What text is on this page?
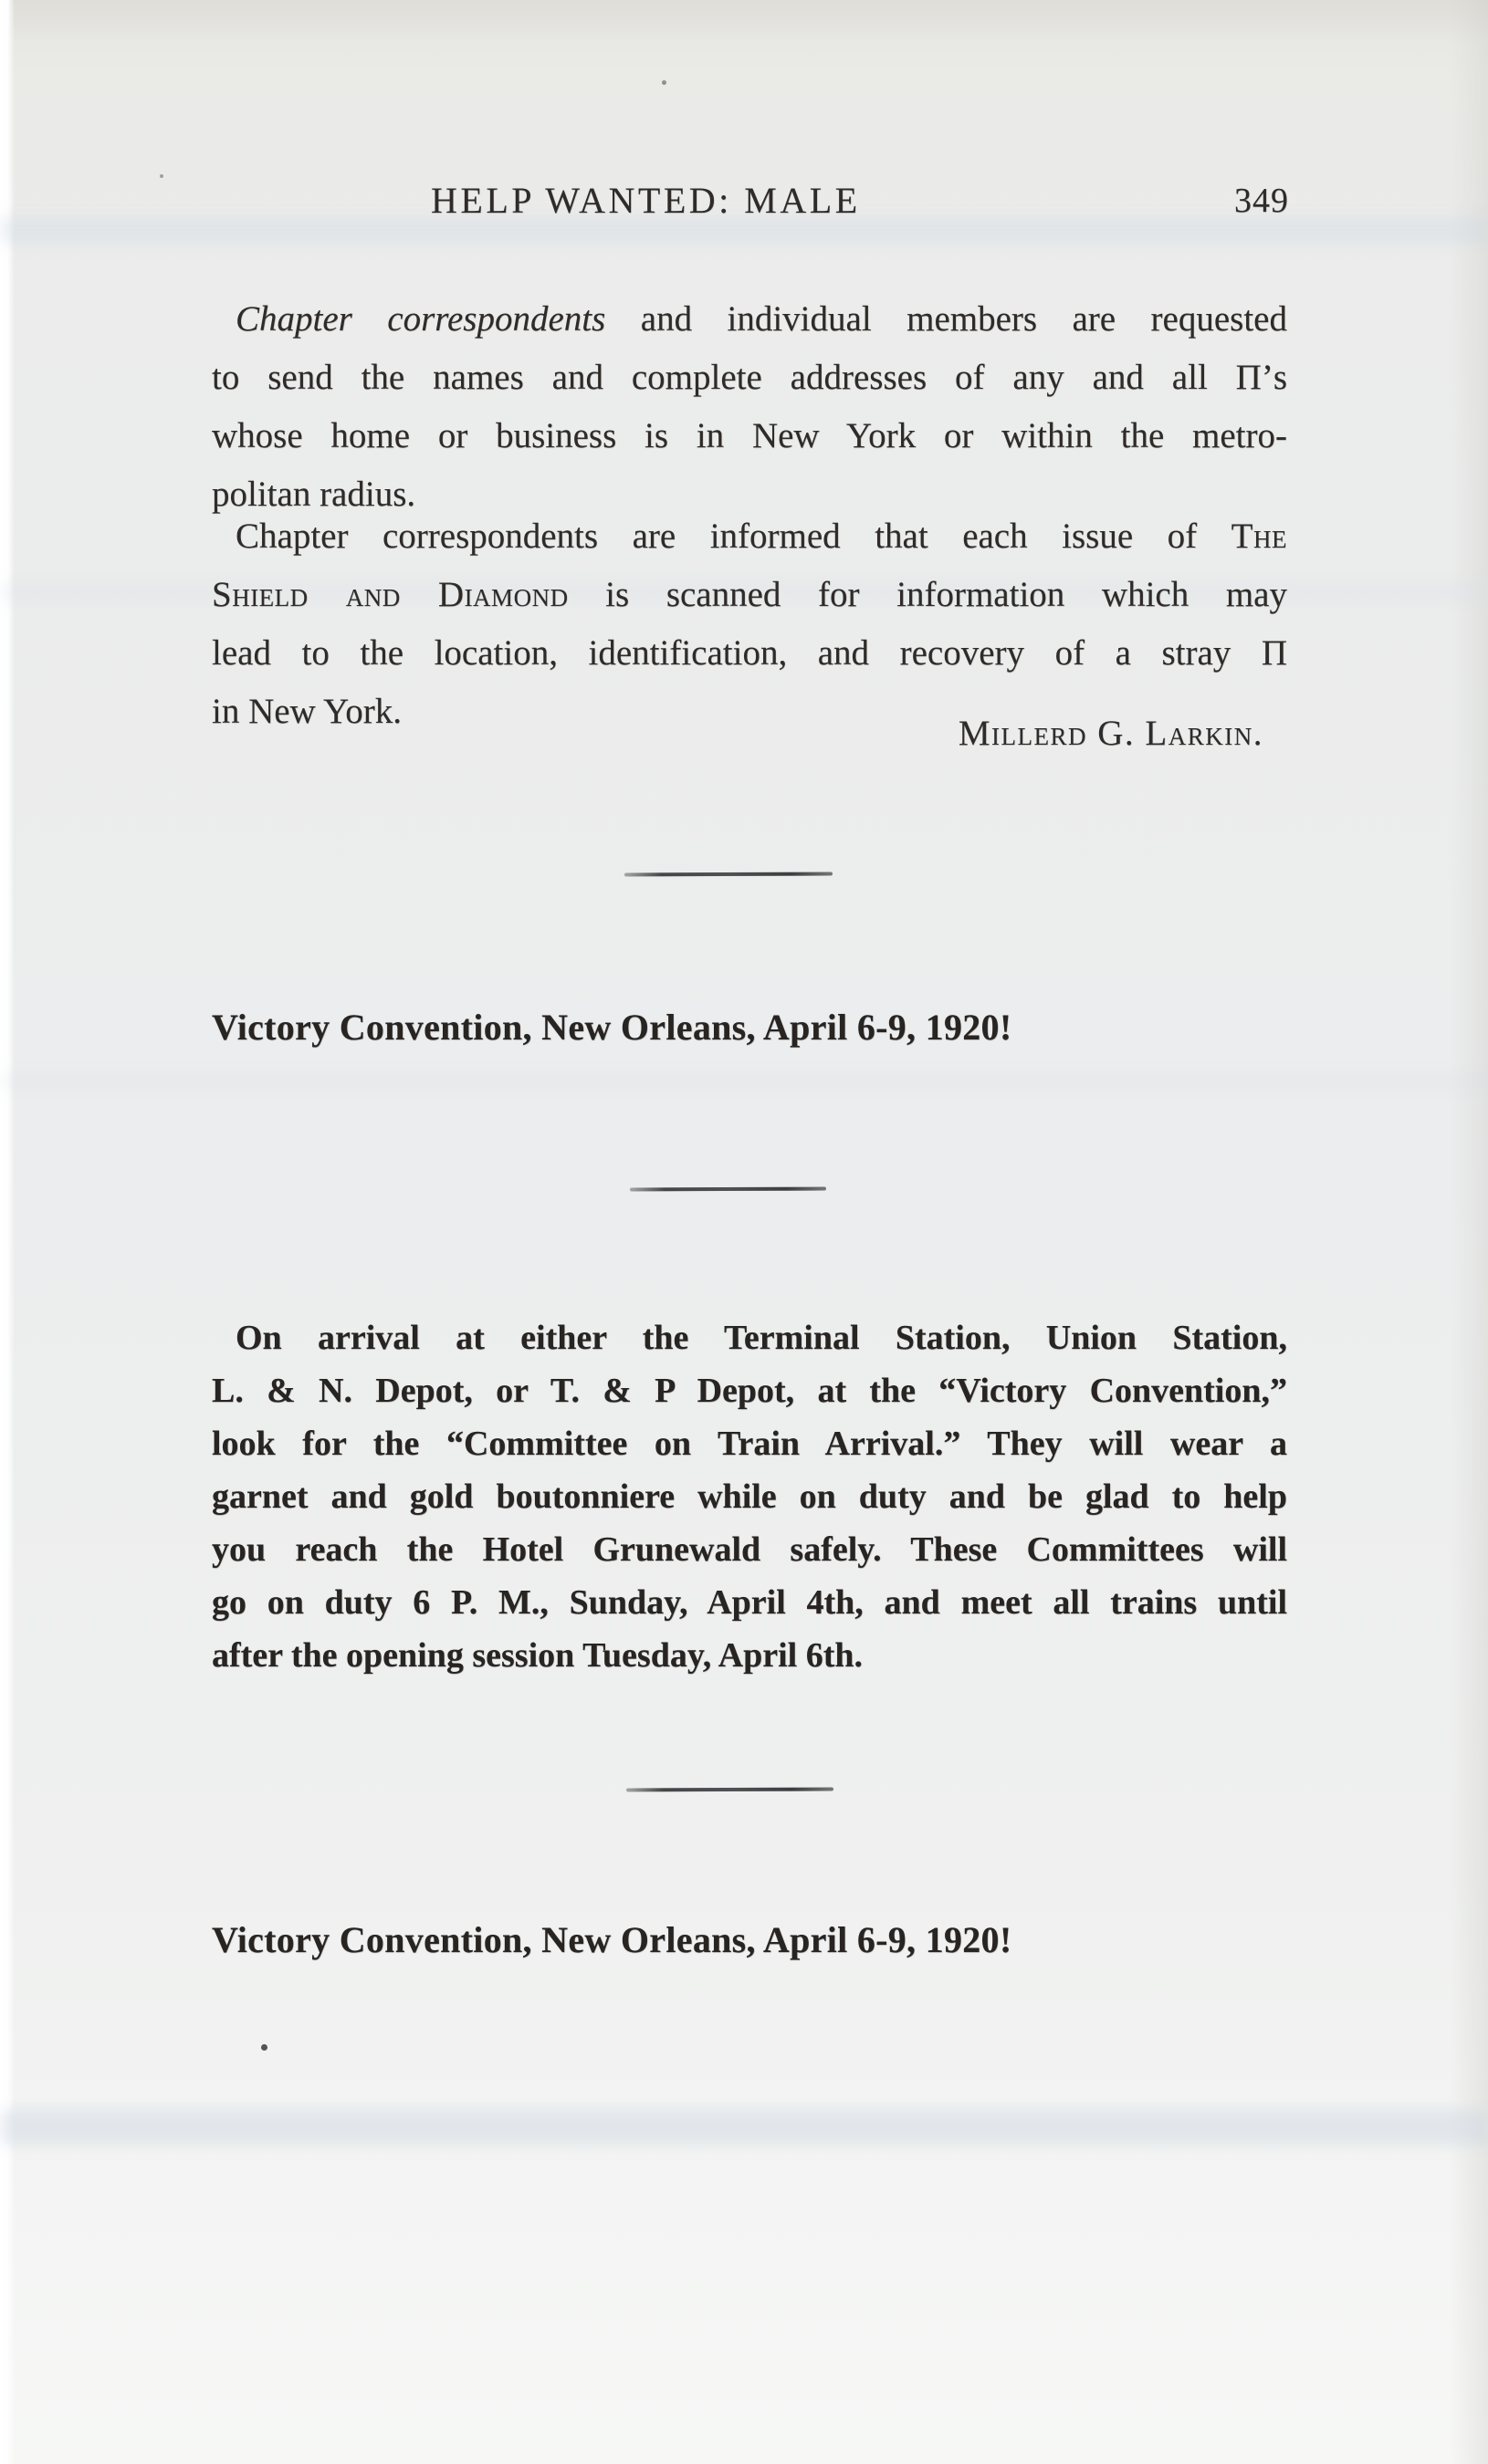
HELP WANTED: MALE	349
Chapter correspondents and individual members are requested
to send the names and complete addresses of any and all Π’s
whose home or business is in New York or within the metro-
politan radius.
Chapter correspondents are informed that each issue of The
Shield and Diamond is scanned for information which may
lead to the location, identification, and recovery of a stray Π
in New York.
Millerd G. Larkin.
Victory Convention, New Orleans, April 6-9, 1920!
On arrival at either the Terminal Station, Union Station,
L. & N. Depot, or T. & P Depot, at the “Victory Convention,”
look for the “Committee on Train Arrival.” They will wear a
garnet and gold boutonniere while on duty and be glad to help
you reach the Hotel Grunewald safely. These Committees will
go on duty 6 P. M., Sunday, April 4th, and meet all trains until
after the opening session Tuesday, April 6th.
Victory Convention, New Orleans, April 6-9, 1920!
